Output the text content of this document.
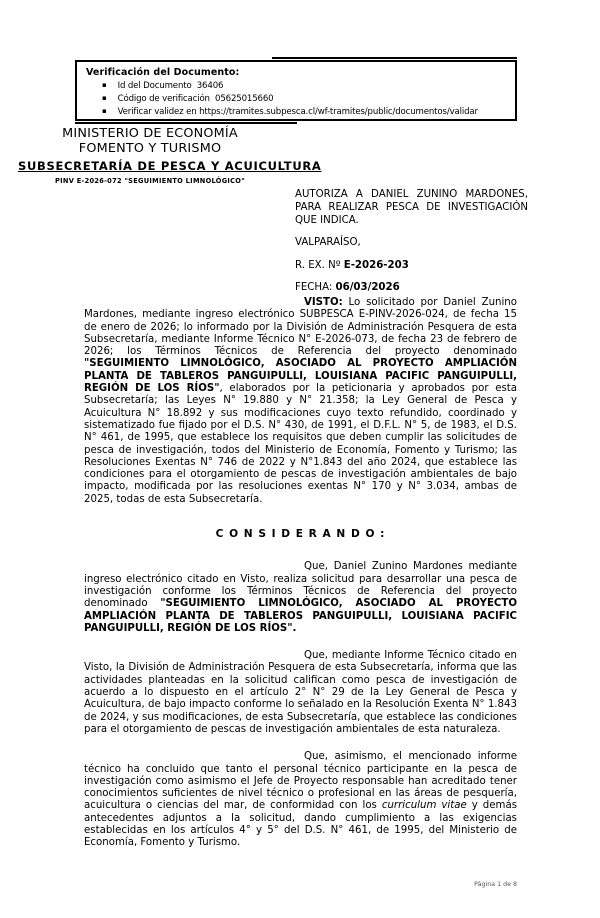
Verificación del Documento:
▪ Id del Documento  36406
▪ Código de verificación  05625015660
▪ Verificar validez en https://tramites.subpesca.cl/wf-tramites/public/documentos/validar
MINISTERIO DE ECONOMÍA
FOMENTO Y TURISMO
SUBSECRETARÍA DE PESCA Y ACUICULTURA
PINV E-2026-072 "SEGUIMIENTO LIMNOLÓGICO"
AUTORIZA A DANIEL ZUNINO MARDONES, PARA REALIZAR PESCA DE INVESTIGACIÓN QUE INDICA.
VALPARAÍSO,
R. EX. Nº E-2026-203
FECHA: 06/03/2026

VISTO: Lo solicitado por Daniel Zunino Mardones, mediante ingreso electrónico SUBPESCA E-PINV-2026-024, de fecha 15 de enero de 2026; lo informado por la División de Administración Pesquera de esta Subsecretaría, mediante Informe Técnico N° E-2026-073, de fecha 23 de febrero de 2026; los Términos Técnicos de Referencia del proyecto denominado "SEGUIMIENTO LIMNOLÓGICO, ASOCIADO AL PROYECTO AMPLIACIÓN PLANTA DE TABLEROS PANGUIPULLI, LOUISIANA PACIFIC PANGUIPULLI, REGIÓN DE LOS RÍOS", elaborados por la peticionaria y aprobados por esta Subsecretaría; las Leyes N° 19.880 y N° 21.358; la Ley General de Pesca y Acuicultura N° 18.892 y sus modificaciones cuyo texto refundido, coordinado y sistematizado fue fijado por el D.S. N° 430, de 1991, el D.F.L. N° 5, de 1983, el D.S. N° 461, de 1995, que establece los requisitos que deben cumplir las solicitudes de pesca de investigación, todos del Ministerio de Economía, Fomento y Turismo; las Resoluciones Exentas N° 746 de 2022 y N°1.843 del año 2024, que establece las condiciones para el otorgamiento de pescas de investigación ambientales de bajo impacto, modificada por las resoluciones exentas N° 170 y N° 3.034, ambas de 2025, todas de esta Subsecretaría.

C O N S I D E R A N D O :

Que, Daniel Zunino Mardones mediante ingreso electrónico citado en Visto, realiza solicitud para desarrollar una pesca de investigación conforme los Términos Técnicos de Referencia del proyecto denominado "SEGUIMIENTO LIMNOLÓGICO, ASOCIADO AL PROYECTO AMPLIACIÓN PLANTA DE TABLEROS PANGUIPULLI, LOUISIANA PACIFIC PANGUIPULLI, REGIÓN DE LOS RÍOS".

Que, mediante Informe Técnico citado en Visto, la División de Administración Pesquera de esta Subsecretaría, informa que las actividades planteadas en la solicitud califican como pesca de investigación de acuerdo a lo dispuesto en el artículo 2° N° 29 de la Ley General de Pesca y Acuicultura, de bajo impacto conforme lo señalado en la Resolución Exenta N° 1.843 de 2024, y sus modificaciones, de esta Subsecretaría, que establece las condiciones para el otorgamiento de pescas de investigación ambientales de esta naturaleza.

Que, asimismo, el mencionado informe técnico ha concluido que tanto el personal técnico participante en la pesca de investigación como asimismo el Jefe de Proyecto responsable han acreditado tener conocimientos suficientes de nivel técnico o profesional en las áreas de pesquería, acuicultura o ciencias del mar, de conformidad con los curriculum vitae y demás antecedentes adjuntos a la solicitud, dando cumplimiento a las exigencias establecidas en los artículos 4° y 5° del D.S. N° 461, de 1995, del Ministerio de Economía, Fomento y Turismo.

Página 1 de 8
